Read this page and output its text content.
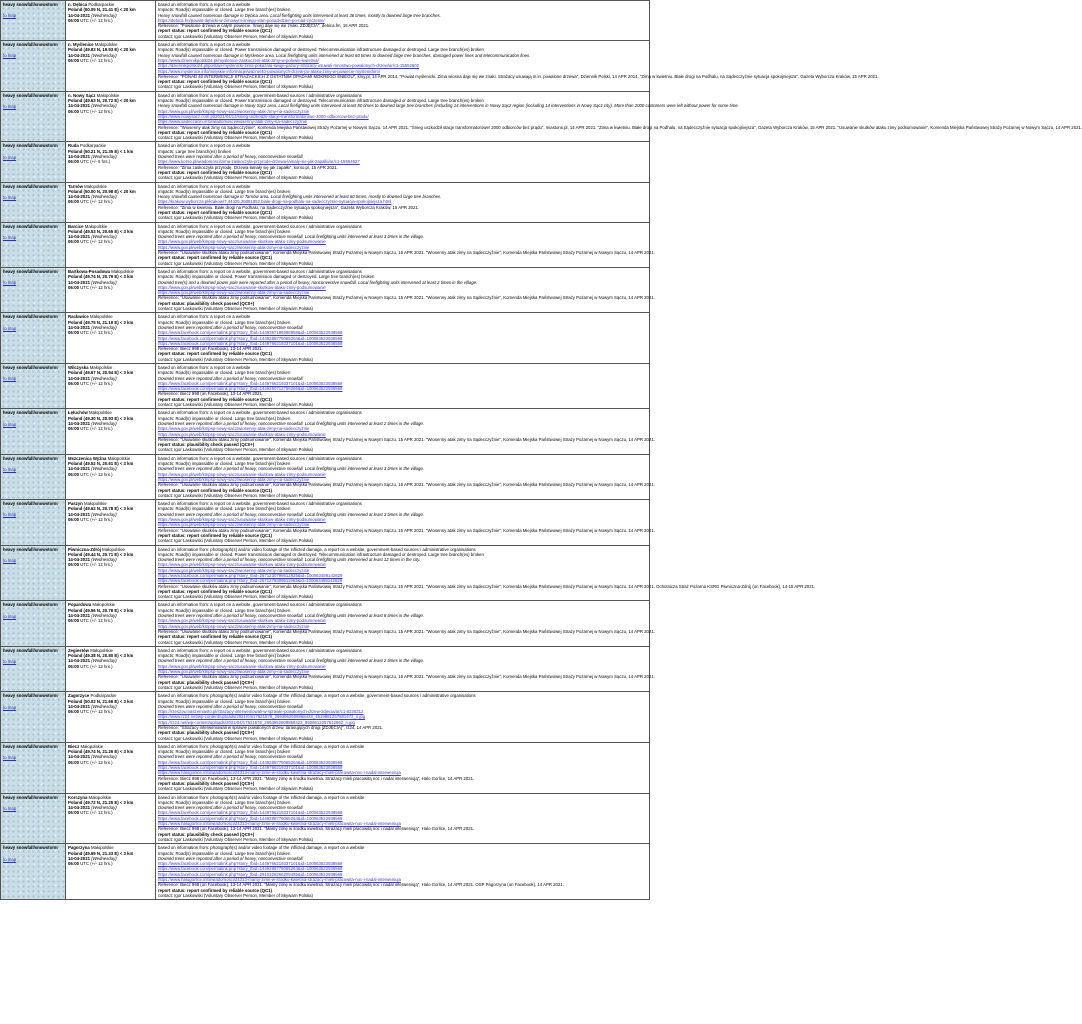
heavy snowfall/snowstorm
to map
n. Dębica Podkarpackie
Poland (50.05 N, 21.41 E) < 20 km
14-04-2021 (Wednesday)
06:00 UTC (+/- 12 hrs.)
based on information from: a report on a website
Impacts: Road(s) impassable or closed. Large tree branch(es) broken
Heavy snowfall caused numerous damage in Dębica area. Local firefighting units intervened at least 36 times, mostly to downed large tree branches.
https://debica.fm/powiat-dębicki-w-zimowym-sniegu-stan-ponad-dzien-po-nad-zyczenie/
Reference: "Powalone drzewa w całym powiecie. Śnieg daje się we znaki. ZDJĘCIA", debica.fm, 15 APR 2021.
report status: report confirmed by reliable source (QC1)
contact: Igor Laskowski (Voluntary Observer Person, Member of Skywarn Polska)
heavy snowfall/snowstorm
to map
n. Myślenice Małopolskie
Poland (49.83 N, 19.93 E) < 20 km
14-04-2021 (Wednesday)
06:00 UTC (+/- 12 hrs.)
based on information from: a report on a website
Impacts: Road(s) impassable or closed. Power transmission damaged or destroyed. Telecommunication infrastructure damaged or destroyed. Large tree branch(es) broken
Heavy snowfall caused numerous damage in Myślenice area. Local firefighting units intervened at least 60 times to downed large tree branches, damaged power lines and telecommunication lines.
https://www.dziennikpolski24.pl/myslenice-zaskoczeni-atak-zimy-w-polowie-kwietnia/
https://dziennikpolski24.pl/postaw-myslenicki-zima-pokazala-swoje-pazury-strazacy-usuwali-mnostwo-powalonych-drzew/ar/c1-15552602
https://www.myslenice.info/miejskie-informacje/wazne/40-powalonych-drzew-po-ataku-zimy-w-powiecie-myslenickim/
Reference: "PONAD 40 INTERWENCJI STRAŻACKICH Z OSTATNIM OPADAMI MOKREGO ŚNIEGU", kmy.pl, 14 APR 2014. "Powiat myślenicki. Zima wiosna daje się we znaki. Strażacy usuwają m.in. powalone drzewa", Dziennik Polski, 14 APR 2014. "Zima w kwietniu. Białe drogi na Podhalu, na Sądecczyźnie sytuacja spokojniejsza", Gazeta Wyborcza Kraków, 15 APR 2021.
report status: report confirmed by reliable source (QC1)
contact: Igor Laskowski (Voluntary Observer Person, Member of Skywarn Polska)
heavy snowfall/snowstorm
to map
n. Nowy Sącz Małopolskie
Poland (49.63 N, 20.72 E) < 20 km
14-04-2021 (Wednesday)
06:00 UTC (+/- 12 hrs.)
based on information from: a report on a website, government-based sources / administrative organisations
Impacts: Road(s) impassable or closed. Power transmission damaged or destroyed. Telecommunication infrastructure damaged or destroyed. Large tree branch(es) broken
Heavy snowfall caused numerous damage in Nowy Sącz area. Local firefighting units intervened at least 80 times to downed large tree branches (including 14 interventions in Nowy Sącz region (including 14 interventions in Nowy Sącz city). More than 2000 customers were left without power for some time.
https://www.gov.pl/web/kmpsp-nowy-sacz/wiosenny-atak-zimy-na-sadecczyznie
https://www.nowysacz.com.pl/2021/04/14/snieg-uszkodzil-stacje-transformatorowe-2000-odbiorcow-bez-pradu/
https://www.sadeczanin.info/wiadomosci/wiosenny-atak-zimy-na-sadecczyznie
Reference: "Wiosenny atak zimy na Sądecczyźnie", Komenda Miejska Państwowej Straży Pożarnej w Nowym Sączu, 14 APR 2021. "Śnieg uszkodził stacje transformatorowe! 2000 odbiorców bez prądu", miastons.pl, 14 APR 2021. "Zima w kwietniu. Białe drogi na Podhalu, na Sądecczyźnie sytuacja spokojniejsza", Gazeta Wyborcza Kraków, 15 APR 2021. "Usuwanie skutków ataku zimy podsumowanie", Komenda Miejska Państwowej Straży Pożarnej w Nowym Sączu, 14 APR 2021.
report status: report confirmed by reliable source (QC1)
contact: Igor Laskowski (Voluntary Observer Person, Member of Skywarn Polska)
heavy snowfall/snowstorm
to map
Ruda Podkarpackie
Poland (50.21 N, 21.35 E) < 1 km
14-04-2021 (Wednesday)
06:00 UTC (+/- 6 hrs.)
based on information from: a report on a website
Impacts: Large tree branch(es) broken
Downed trees were reported after a period of heavy, nonconvective snowfall.
https://www.korso.pl/wiadomosci/zima-zaskoczyla-przyrode-drzewa-lamaly-sie-jak-zapalki/ar/c1-15554627
Reference: "Zima zaskoczyła przyrodę. Drzewa łamały się jak zapałki", korso.pl, 15 APR 2021.
report status: report confirmed by reliable source (QC1)
contact: Igor Laskowski (Voluntary Observer Person, Member of Skywarn Polska)
heavy snowfall/snowstorm
to map
Tarnów Małopolskie
Poland (50.00 N, 20.98 E) < 20 km
14-04-2021 (Wednesday)
06:00 UTC (+/- 12 hrs.)
based on information from: a report on a website
Impacts: Road(s) impassable or closed. Large tree branch(es) broken
Heavy snowfall caused numerous damage in Tarnów area. Local firefighting units intervened at least 60 times, mostly to downed large tree branches.
https://krakow.wyborcza.pl/krakow/7,44425,26881852,biale-drogi-na-podhalu-na-sadecczyznie-sytuacja-spokojniejsza.html
Reference: "Zima w kwietniu. Białe drogi na Podhalu, na Sądecczyźnie sytuacja spokojniejsza", Gazeta Wyborcza Kraków, 15 APR 2021.
report status: report confirmed by reliable source (QC1)
contact: Igor Laskowski (Voluntary Observer Person, Member of Skywarn Polska)
heavy snowfall/snowstorm
to map
Barcice Małopolskie
Poland (49.53 N, 20.65 E) < 3 km
14-04-2021 (Wednesday)
06:00 UTC (+/- 12 hrs.)
based on information from: a report on a website, government-based sources / administrative organisations
Impacts: Road(s) impassable or closed. Large tree branch(es) broken
Downed trees were reported after a period of heavy, nonconvective snowfall. Local firefighting units intervened at least 3 times in the village.
https://www.gov.pl/web/kmpsp-nowy-sacz/usuwanie-skutkow-ataku-zimy-podsumowanie
https://www.gov.pl/web/kmpsp-nowy-sacz/wiosenny-atak-zimy-na-sadecczyznie
Reference: "Usuwanie skutków ataku zimy podsumowanie", Komenda Miejska Państwowej Straży Pożarnej w Nowym Sączu, 15 APR 2021. "Wiosenny atak zimy na Sądecczyźnie", Komenda Miejska Państwowej Straży Pożarnej w Nowym Sączu, 14 APR 2021.
report status: report confirmed by reliable source (QC1)
contact: Igor Laskowski (Voluntary Observer Person, Member of Skywarn Polska)
heavy snowfall/snowstorm
to map
Bartkowa-Posadowa Małopolskie
Poland (49.74 N, 20.79 E) < 3 km
14-04-2021 (Wednesday)
06:00 UTC (+/- 12 hrs.)
based on information from: a report on a website, government-based sources / administrative organisations
Impacts: Road(s) impassable or closed. Power transmission damaged or destroyed. Large tree branch(es) broken
Downed tree(s) and a downed power pole were reported after a period of heavy, nonconvective snowfall. Local firefighting units intervened at least 2 times in the village.
https://www.gov.pl/web/kmpsp-nowy-sacz/usuwanie-skutkow-ataku-zimy-podsumowanie
https://www.gov.pl/web/kmpsp-nowy-sacz/wiosenny-atak-zimy-na-sadecczyznie
Reference: "Usuwanie skutków ataku zimy podsumowanie", Komenda Miejska Państwowej Straży Pożarnej w Nowym Sączu, 15 APR 2021. "Wiosenny atak zimy na Sądecczyźnie", Komenda Miejska Państwowej Straży Pożarnej w Nowym Sączu, 14 APR 2021.
report status: plausibility check passed (QC0+)
contact: Igor Laskowski (Voluntary Observer Person, Member of Skywarn Polska)
heavy snowfall/snowstorm
to map
Racławice Małopolskie
Poland (49.75 N, 21.19 E) < 3 km
14-04-2021 (Wednesday)
06:00 UTC (+/- 12 hrs.)
based on information from: a report on a website
Impacts: Road(s) impassable or closed. Large tree branch(es) broken
Downed trees were reported after a period of heavy, nonconvective snowfall.
https://www.facebook.com/permalink.php?story_fbid=1449387186988958&id=100063522938568
https://www.facebook.com/permalink.php?story_fbid=1449288776065264&id=100063522938568
https://www.facebook.com/permalink.php?story_fbid=1449766219337101&id=100063522938568
Reference: Biecz 998 (on Facebook), 13-14 APR 2021.
report status: report confirmed by reliable source (QC1)
contact: Igor Laskowski (Voluntary Observer Person, Member of Skywarn Polska)
heavy snowfall/snowstorm
to map
Wilczyska Małopolskie
Poland (49.67 N, 20.94 E) < 3 km
14-04-2021 (Wednesday)
06:00 UTC (+/- 12 hrs.)
based on information from: a report on a website
Impacts: Road(s) impassable or closed. Large tree branch(es) broken
Downed trees were reported after a period of heavy, nonconvective snowfall.
https://www.facebook.com/permalink.php?story_fbid=1449766219337101&id=100063522938568
https://www.facebook.com/permalink.php?story_fbid=1449250712758266&id=100063522938568
Reference: Biecz 998 (on Facebook), 13-14 APR 2021.
report status: report confirmed by reliable source (QC1)
contact: Igor Laskowski (Voluntary Observer Person, Member of Skywarn Polska)
heavy snowfall/snowstorm
to map
Łęłuchów Małopolskie
Poland (49.30 N, 20.93 E) < 3 km
14-04-2021 (Wednesday)
06:00 UTC (+/- 12 hrs.)
based on information from: a report on a website, government-based sources / administrative organisations
Impacts: Road(s) impassable or closed. Large tree branch(es) broken
Downed trees were reported after a period of heavy, nonconvective snowfall. Local firefighting units intervened at least 2 times in the village.
https://www.gov.pl/web/kmpsp-nowy-sacz/wiosenny-atak-zimy-na-sadecczyznie
https://www.gov.pl/web/kmpsp-nowy-sacz/usuwanie-skutkow-ataku-zimy-podsumowanie
Reference: "Usuwanie skutków ataku zimy podsumowanie", Komenda Miejska Państwowej Straży Pożarnej w Nowym Sączu, 15 APR 2021. "Wiosenny atak zimy na Sądecczyźnie", Komenda Miejska Państwowej Straży Pożarnej w Nowym Sączu, 14 APR 2021.
report status: plausibility check passed (QC0+)
contact: Igor Laskowski (Voluntary Observer Person, Member of Skywarn Polska)
heavy snowfall/snowstorm
to map
Mszczenica Wyżna Małopolskie
Poland (49.52 N, 20.61 E) < 3 km
14-04-2021 (Wednesday)
06:00 UTC (+/- 12 hrs.)
based on information from: a report on a website, government-based sources / administrative organisations
Impacts: Road(s) impassable or closed. Large tree branch(es) broken
Downed trees were reported after a period of heavy, nonconvective snowfall. Local firefighting units intervened at least 3 times in the village.
https://www.gov.pl/web/kmpsp-nowy-sacz/usuwanie-skutkow-ataku-zimy-podsumowanie
https://www.gov.pl/web/kmpsp-nowy-sacz/wiosenny-atak-zimy-na-sadecczyznie
Reference: "Usuwanie skutków ataku zimy podsumowanie", Komenda Miejska Państwowej Straży Pożarnej w Nowym Sączu, 15 APR 2021. "Wiosenny atak zimy na Sądecczyźnie", Komenda Miejska Państwowej Straży Pożarnej w Nowym Sączu, 14 APR 2021.
report status: report confirmed by reliable source (QC1)
contact: Igor Laskowski (Voluntary Observer Person, Member of Skywarn Polska)
heavy snowfall/snowstorm
to map
Paszyn Małopolskie
Poland (49.62 N, 20.78 E) < 3 km
14-04-2021 (Wednesday)
06:00 UTC (+/- 12 hrs.)
based on information from: a report on a website, government-based sources / administrative organisations
Impacts: Road(s) impassable or closed. Large tree branch(es) broken
Downed trees were reported after a period of heavy, nonconvective snowfall. Local firefighting units intervened at least 3 times in the village.
https://www.gov.pl/web/kmpsp-nowy-sacz/usuwanie-skutkow-ataku-zimy-podsumowanie
https://www.gov.pl/web/kmpsp-nowy-sacz/wiosenny-atak-zimy-na-sadecczyznie
Reference: "Usuwanie skutków ataku zimy podsumowanie", Komenda Miejska Państwowej Straży Pożarnej w Nowym Sączu, 15 APR 2021. "Wiosenny atak zimy na Sądecczyźnie", Komenda Miejska Państwowej Straży Pożarnej w Nowym Sączu, 14 APR 2021.
report status: report confirmed by reliable source (QC1)
contact: Igor Laskowski (Voluntary Observer Person, Member of Skywarn Polska)
heavy snowfall/snowstorm
to map
Piwniczna-Zdrój Małopolskie
Poland (49.44 N, 20.71 E) < 3 km
14-04-2021 (Wednesday)
06:00 UTC (+/- 12 hrs.)
based on information from: photograph(s) and/or video footage of the inflicted damage, a report on a website, government-based sources / administrative organisations
Impacts: Road(s) impassable or closed. Power transmission damaged or destroyed. Telecommunication infrastructure damaged or destroyed. Large tree branch(es) broken
Downed trees were reported after a period of heavy, nonconvective snowfall. Local firefighting units intervened at least 12 times in the city.
https://www.gov.pl/web/kmpsp-nowy-sacz/usuwanie-skutkow-ataku-zimy-podsumowanie
https://www.gov.pl/web/kmpsp-nowy-sacz/wiosenny-atak-zimy-na-sadecczyznie
https://www.facebook.com/permalink.php?story_fbid=2671230798612825&id=100063488142829
https://www.facebook.com/permalink.php?story_fbid=2671279308611963&id=100063488142829
Reference: "Usuwanie skutków ataku zimy podsumowanie", Komenda Miejska Państwowej Straży Pożarnej w Nowym Sączu, 15 APR 2021. "Wiosenny atak zimy na Sądecczyźnie", Komenda Miejska Państwowej Straży Pożarnej w Nowym Sączu, 14 APR 2021. Ochotnicza Straż Pożarna KSRG Piwniczna-Zdrój (on Facebook), 14-15 APR 2021.
report status: report confirmed by reliable source (QC1)
contact: Igor Laskowski (Voluntary Observer Person, Member of Skywarn Polska)
heavy snowfall/snowstorm
to map
Popardowa Małopolskie
Poland (49.56 N, 20.78 E) < 3 km
14-04-2021 (Wednesday)
06:00 UTC (+/- 12 hrs.)
based on information from: a report on a website, government-based sources / administrative organisations
Impacts: Road(s) impassable or closed. Large tree branch(es) broken
Downed trees were reported after a period of heavy, nonconvective snowfall. Local firefighting units intervened at least 8 times in the village.
https://www.gov.pl/web/kmpsp-nowy-sacz/usuwanie-skutkow-ataku-zimy-podsumowanie
https://www.gov.pl/web/kmpsp-nowy-sacz/wiosenny-atak-zimy-na-sadecczyznie
Reference: "Usuwanie skutków ataku zimy podsumowanie", Komenda Miejska Państwowej Straży Pożarnej w Nowym Sączu, 15 APR 2021. "Wiosenny atak zimy na Sądecczyźnie", Komenda Miejska Państwowej Straży Pożarnej w Nowym Sączu, 14 APR 2021.
report status: report confirmed by reliable source (QC1)
contact: Igor Laskowski (Voluntary Observer Person, Member of Skywarn Polska)
heavy snowfall/snowstorm
to map
Zegiestów Małopolskie
Poland (49.38 N, 20.80 E) < 3 km
14-04-2021 (Wednesday)
06:00 UTC (+/- 12 hrs.)
based on information from: a report on a website, government-based sources / administrative organisations
Impacts: Road(s) impassable or closed. Large tree branch(es) broken
Downed trees were reported after a period of heavy, nonconvective snowfall. Local firefighting units intervened at least 2 times in the village.
https://www.gov.pl/web/kmpsp-nowy-sacz/usuwanie-skutkow-ataku-zimy-podsumowanie
https://www.gov.pl/web/kmpsp-nowy-sacz/wiosenny-atak-zimy-na-sadecczyznie
Reference: "Usuwanie skutków ataku zimy podsumowanie", Komenda Miejska Państwowej Straży Pożarnej w Nowym Sączu, 15 APR 2021. "Wiosenny atak zimy na Sądecczyźnie", Komenda Miejska Państwowej Straży Pożarnej w Nowym Sączu, 14 APR 2021.
report status: plausibility check passed (QC0+)
contact: Igor Laskowski (Voluntary Observer Person, Member of Skywarn Polska)
heavy snowfall/snowstorm
to map
Zagorzyce Podkarpackie
Poland (50.02 N, 21.66 E) < 3 km
14-04-2021 (Wednesday)
06:00 UTC (+/- 12 hrs.)
based on information from: photograph(s) and/or video footage of the inflicted damage, a report on a website, government-based sources / administrative organisations
Impacts: Road(s) impassable or closed. Large tree branch(es) broken
Downed trees were reported after a period of heavy, nonconvective snowfall.
https://rzeszow.naszemiasto.pl/strazacy-interweniowali-w-sprawie-powalonych-drzew-zdjecia/ar/c1-8236312
https://www.rz24.net/wp-content/uploads/2021/04/17621578_2693952608868423_4519881257881472_n.jpg
https://rz24.net/wp-content/uploads/2021/04/17621578_2693952608868423_8508612257612962_n.jpg
Reference: "Strażacy interweniowali w sprawie powalonych drzew, tarasujących drogi [ZDJĘCIA]", rz24, 14 APR 2021.
report status: plausibility check passed (QC0+)
contact: Igor Laskowski (Voluntary Observer Person, Member of Skywarn Polska)
heavy snowfall/snowstorm
to map
Biecz Małopolskie
Poland (49.74 N, 21.26 E) < 3 km
14-04-2021 (Wednesday)
06:00 UTC (+/- 12 hrs.)
based on information from: photograph(s) and/or video footage of the inflicted damage, a report on a website
Impacts: Road(s) impassable or closed. Large tree branch(es) broken
Downed trees were reported after a period of heavy, nonconvective snowfall.
https://www.facebook.com/permalink.php?story_fbid=1449288776065264&id=100063522938568
https://www.facebook.com/permalink.php?story_fbid=1449766219337101&id=100063522938568
https://www.halogorlice.info/wiadomosci/24313-mamy-zime-w-srodku-kwietnia-strazacy-mieli-pracowita-noc-i-nadal-interweniuja
Reference: Biecz 998 (on Facebook), 13-14 APR 2021. "Mamy zimę w środku kwietnia. Strażacy mieli pracowitą noc i nadal interweniują", Halo Gorlice, 14 APR 2021.
report status: plausibility check passed (QC0+)
contact: Igor Laskowski (Voluntary Observer Person, Member of Skywarn Polska)
heavy snowfall/snowstorm
to map
Korczyna Małopolskie
Poland (49.72 N, 21.25 E) < 3 km
14-04-2021 (Wednesday)
06:00 UTC (+/- 12 hrs.)
based on information from: photograph(s) and/or video footage of the inflicted damage, a report on a website
Impacts: Road(s) impassable or closed. Large tree branch(es) broken
Downed trees were reported after a period of heavy, nonconvective snowfall.
https://www.facebook.com/permalink.php?story_fbid=1449766219337101&id=100063522938568
https://www.facebook.com/permalink.php?story_fbid=1449288776065264&id=100063522938568
https://www.halogorlice.info/wiadomosci/24313-mamy-zime-w-srodku-kwietnia-strazacy-mieli-pracowita-noc-i-nadal-interweniuja
Reference: Biecz 998 (on Facebook), 13-14 APR 2021. "Mamy zimę w środku kwietnia. Strażacy mieli pracowitą noc i nadal interweniują", Halo Gorlice, 14 APR 2021.
report status: plausibility check passed (QC0+)
contact: Igor Laskowski (Voluntary Observer Person, Member of Skywarn Polska)
heavy snowfall/snowstorm
to map
Pagorzyna Małopolskie
Poland (49.69 N, 21.33 E) < 3 km
14-04-2021 (Wednesday)
06:00 UTC (+/- 12 hrs.)
based on information from: photograph(s) and/or video footage of the inflicted damage, a report on a website
Impacts: Road(s) impassable or closed. Large tree branch(es) broken
Downed trees were reported after a period of heavy, nonconvective snowfall.
https://www.facebook.com/permalink.php?story_fbid=1449766219337101&id=100063522938568
https://www.facebook.com/permalink.php?story_fbid=1449288776065264&id=100063522938568
https://www.facebook.com/permalink.php?story_fbid=2910328266209455&id=100063522938568
https://www.halogorlice.info/wiadomosci/24313-mamy-zime-w-srodku-kwietnia-strazacy-mieli-pracowita-noc-i-nadal-interweniuja
Reference: Biecz 998 (on Facebook), 13-14 APR 2021. "Mamy zimę w środku kwietnia. Strażacy mieli pracowitą noc i nadal interweniują", Halo Gorlice, 14 APR 2021. OSP Pagorzyna (on Facebook), 14 APR 2021.
report status: report confirmed by reliable source (QC1)
contact: Igor Laskowski (Voluntary Observer Person, Member of Skywarn Polska)
